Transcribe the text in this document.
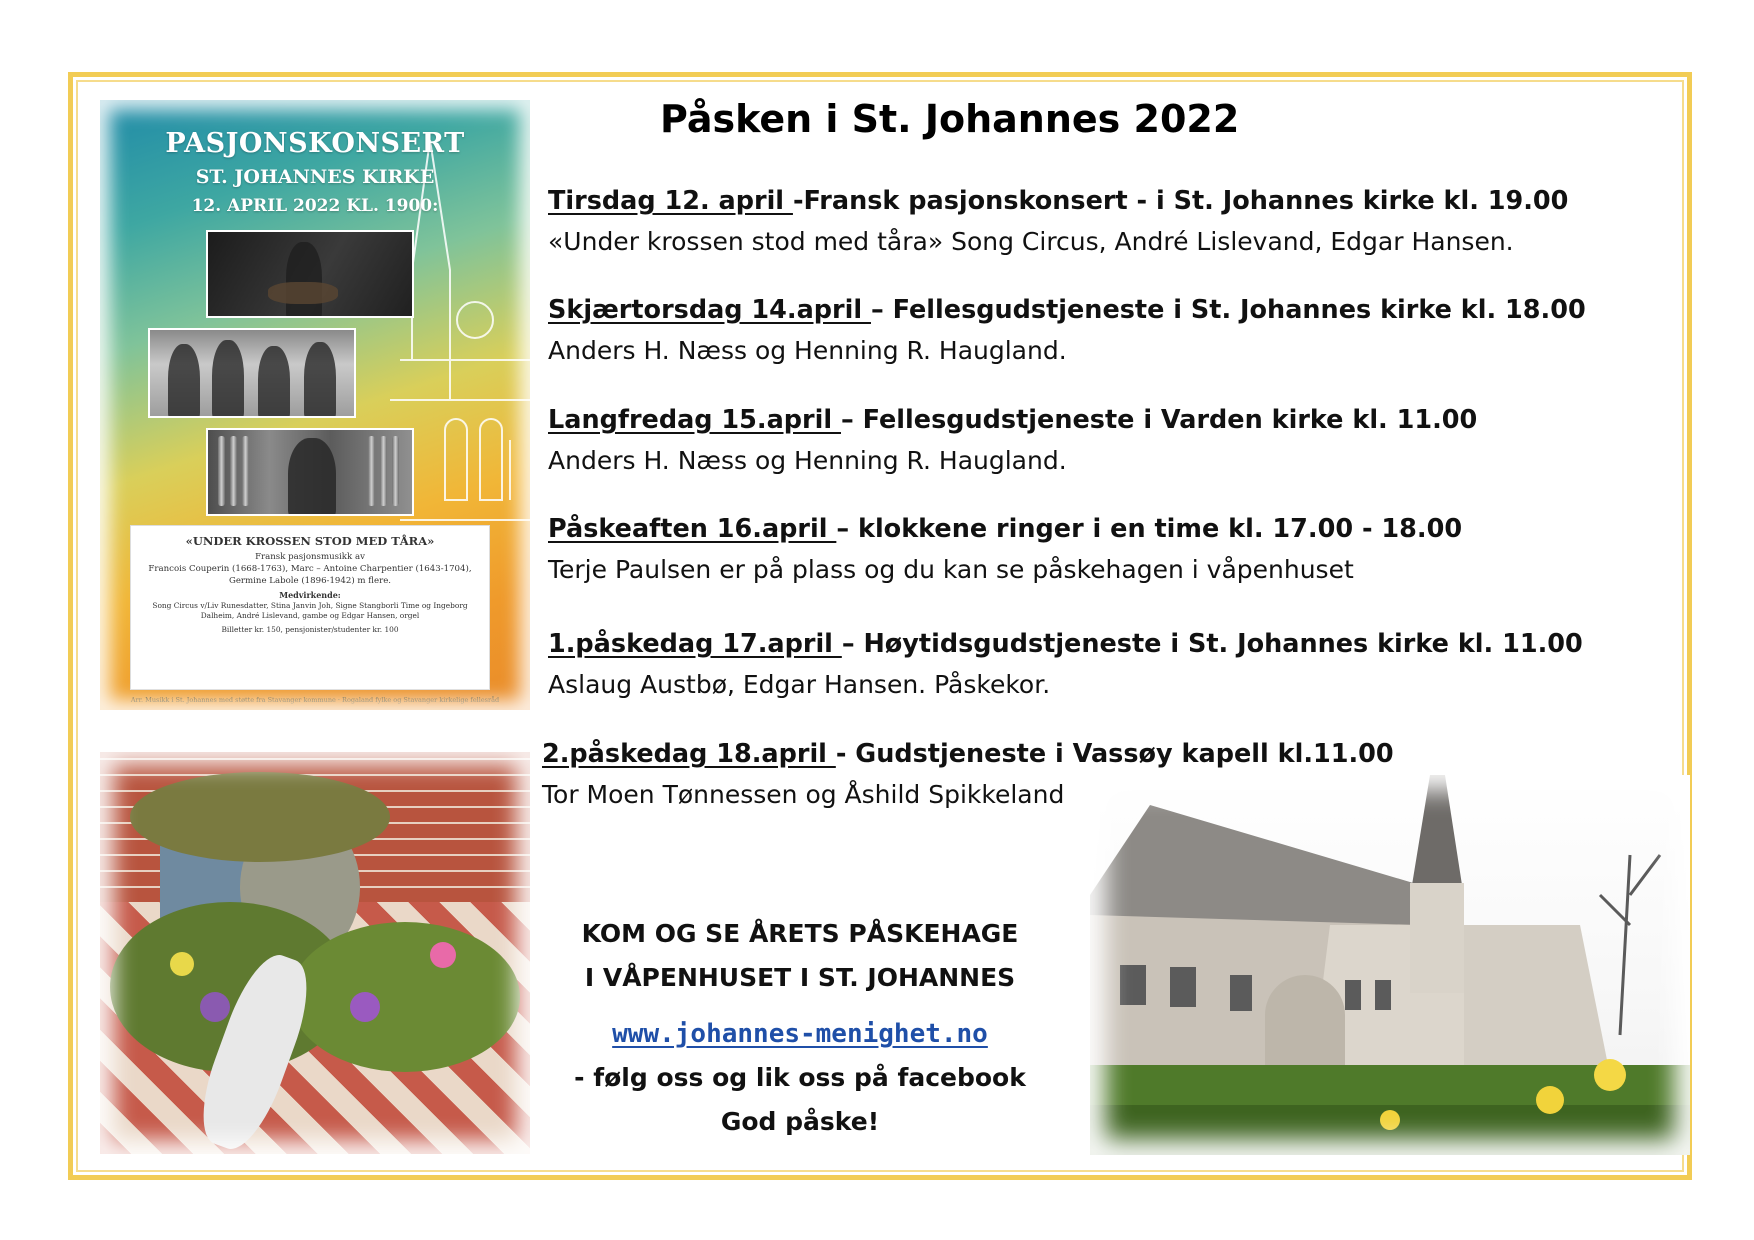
PASJONSKONSERT
ST. JOHANNES KIRKE
12. APRIL 2022 KL. 1900:
«UNDER KROSSEN STOD MED TÅRA»
Fransk pasjonsmusikk av
Francois Couperin (1668-1763), Marc – Antoine Charpentier (1643-1704), Germine Labole (1896-1942) m flere.
Medvirkende:
Song Circus v/Liv Runesdatter, Stina Janvin Joh, Signe Stangborli Time og Ingeborg Dalheim, André Lislevand, gambe og Edgar Hansen, orgel
Billetter kr. 150, pensjonister/studenter kr. 100
Arr. Musikk i St. Johannes med støtte fra Stavanger kommune · Rogaland fylke og Stavanger kirkelige fellesråd
Påsken i St. Johannes 2022
Tirsdag 12. april -Fransk pasjonskonsert - i St. Johannes kirke kl. 19.00
«Under krossen stod med tåra» Song Circus, André Lislevand, Edgar Hansen.
Skjærtorsdag 14.april – Fellesgudstjeneste i St. Johannes kirke kl. 18.00
Anders H. Næss og Henning R. Haugland.
Langfredag 15.april – Fellesgudstjeneste i Varden kirke kl. 11.00
Anders H. Næss og Henning R. Haugland.
Påskeaften 16.april – klokkene ringer i en time kl. 17.00 - 18.00
Terje Paulsen er på plass og du kan se påskehagen i våpenhuset
1.påskedag 17.april – Høytidsgudstjeneste i St. Johannes kirke kl. 11.00
Aslaug Austbø, Edgar Hansen. Påskekor.
2.påskedag 18.april - Gudstjeneste i Vassøy kapell kl.11.00
Tor Moen Tønnessen og Åshild Spikkeland
KOM OG SE ÅRETS PÅSKEHAGE
I VÅPENHUSET I ST. JOHANNES
www.johannes-menighet.no
- følg oss og lik oss på facebook
God påske!
